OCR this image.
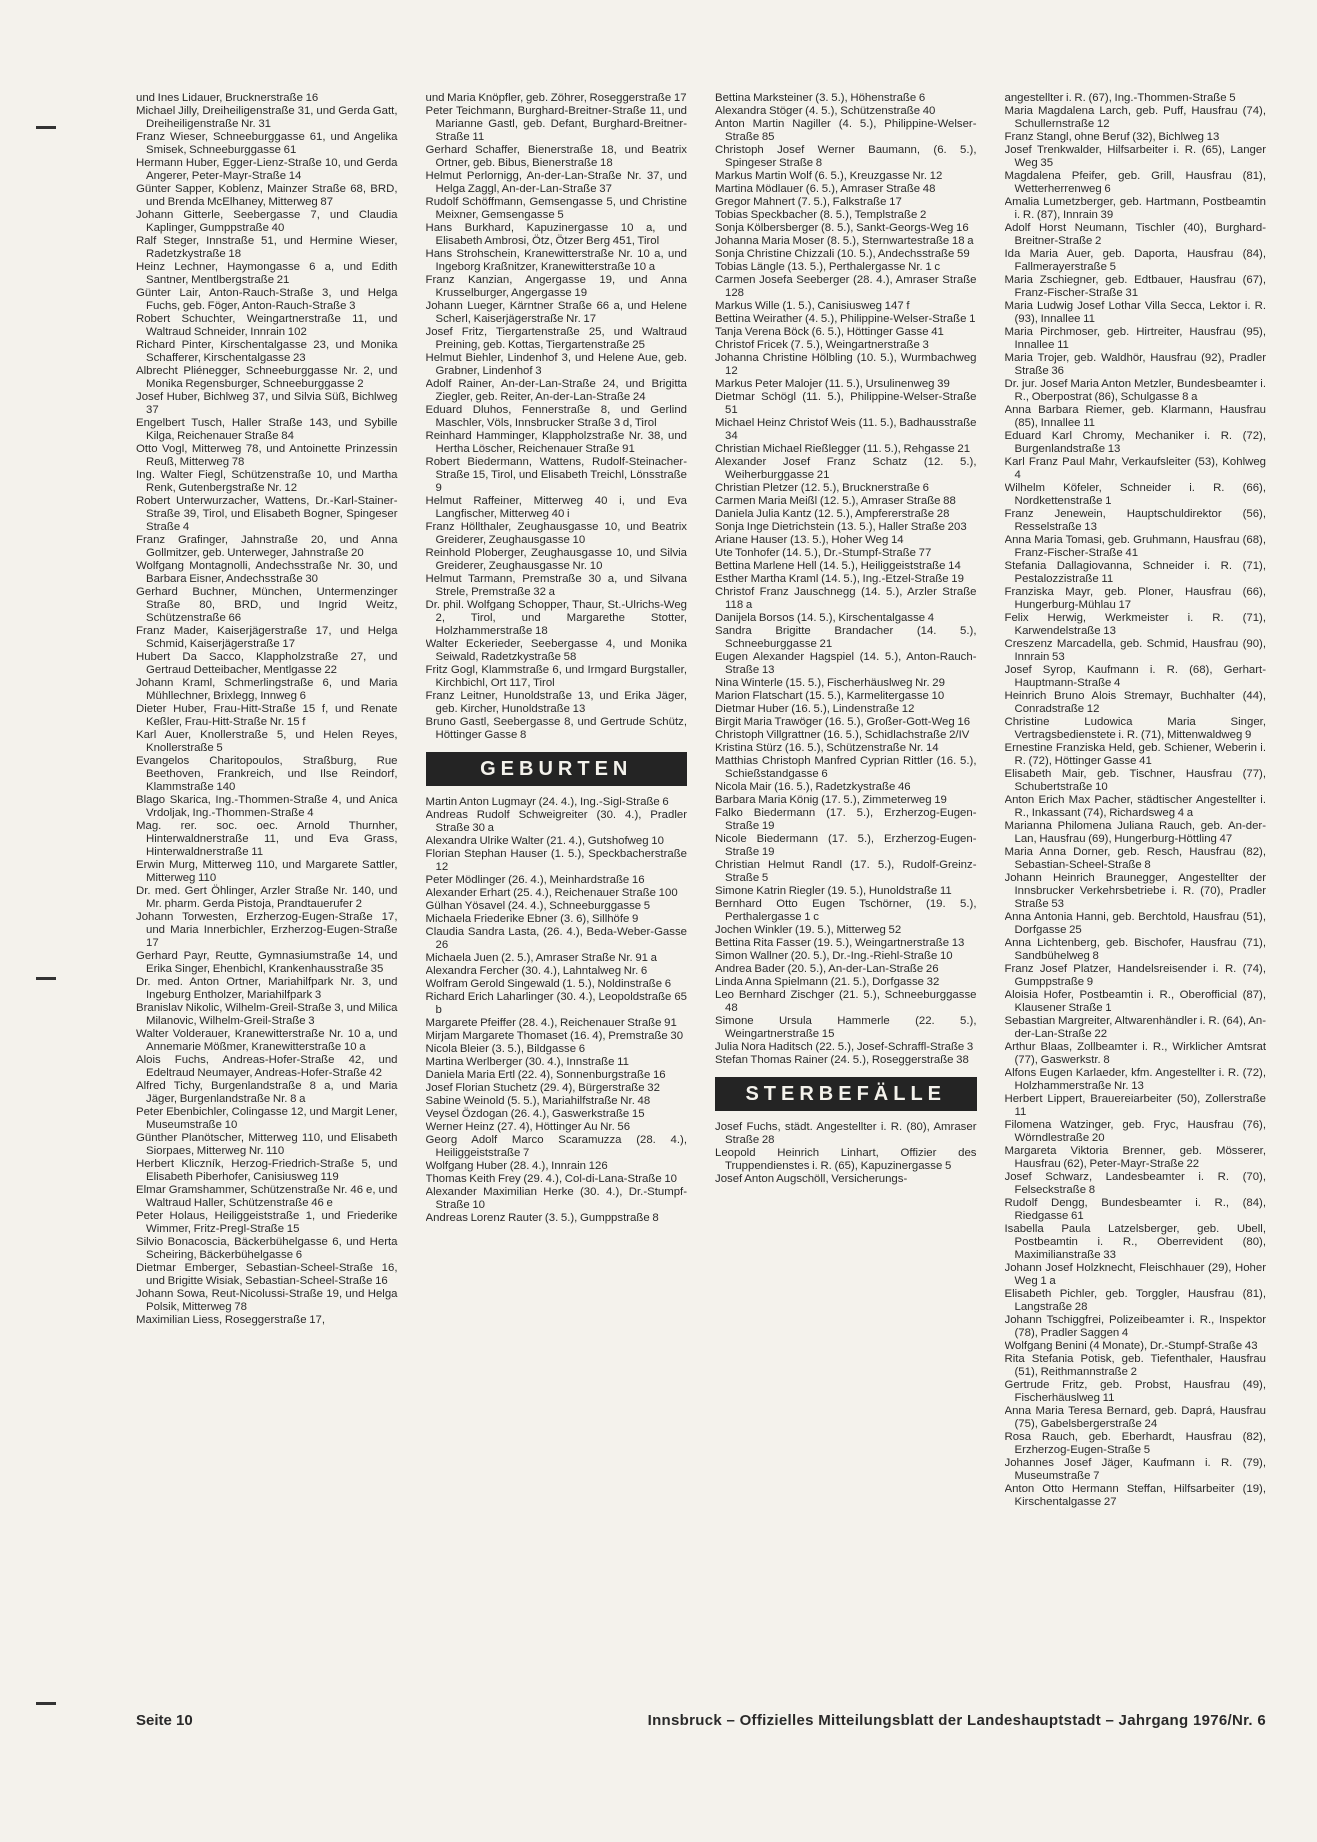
und Ines Lidauer, Brucknerstraße 16

Michael Jilly, Dreiheiligenstraße 31, und Gerda Gatt, Dreiheiligenstraße Nr. 31

Franz Wieser, Schneeburggasse 61, und Angelika Smisek, Schneeburggasse 61

Hermann Huber, Egger-Lienz-Straße 10, und Gerda Angerer, Peter-Mayr-Straße 14

Günter Sapper, Koblenz, Mainzer Straße 68, BRD, und Brenda McElhaney, Mitterweg 87

Johann Gitterle, Seebergasse 7, und Claudia Kaplinger, Gumppstraße 40

Ralf Steger, Innstraße 51, und Hermine Wieser, Radetzkystraße 18

Heinz Lechner, Haymongasse 6 a, und Edith Santner, Mentlbergstraße 21

Günter Lair, Anton-Rauch-Straße 3, und Helga Fuchs, geb. Föger, Anton-Rauch-Straße 3

Robert Schuchter, Weingartnerstraße 11, und Waltraud Schneider, Innrain 102

Richard Pinter, Kirschentalgasse 23, und Monika Schafferer, Kirschentalgasse 23

Albrecht Pliénegger, Schneeburggasse Nr. 2, und Monika Regensburger, Schneeburggasse 2

Josef Huber, Bichlweg 37, und Silvia Süß, Bichlweg 37

Engelbert Tusch, Haller Straße 143, und Sybille Kilga, Reichenauer Straße 84

Otto Vogl, Mitterweg 78, und Antoinette Prinzessin Reuß, Mitterweg 78

Ing. Walter Fiegl, Schützenstraße 10, und Martha Renk, Gutenbergstraße Nr. 12

Robert Unterwurzacher, Wattens, Dr.-Karl-Stainer-Straße 39, Tirol, und Elisabeth Bogner, Spingeser Straße 4

Franz Grafinger, Jahnstraße 20, und Anna Gollmitzer, geb. Unterweger, Jahnstraße 20

Wolfgang Montagnolli, Andechsstraße Nr. 30, und Barbara Eisner, Andechsstraße 30

Gerhard Buchner, München, Untermenzinger Straße 80, BRD, und Ingrid Weitz, Schützenstraße 66

Franz Mader, Kaiserjägerstraße 17, und Helga Schmid, Kaiserjägerstraße 17

Hubert Da Sacco, Klappholzstraße 27, und Gertraud Detteibacher, Mentlgasse 22

Johann Kraml, Schmerlingstraße 6, und Maria Mühllechner, Brixlegg, Innweg 6

Dieter Huber, Frau-Hitt-Straße 15 f, und Renate Keßler, Frau-Hitt-Straße Nr. 15 f

Karl Auer, Knollerstraße 5, und Helen Reyes, Knollerstraße 5

Evangelos Charitopoulos, Straßburg, Rue Beethoven, Frankreich, und Ilse Reindorf, Klammstraße 140

Blago Skarica, Ing.-Thommen-Straße 4, und Anica Vrdoljak, Ing.-Thommen-Straße 4

Mag. rer. soc. oec. Arnold Thurnher, Hinterwaldnerstraße 11, und Eva Grass, Hinterwaldnerstraße 11

Erwin Murg, Mitterweg 110, und Margarete Sattler, Mitterweg 110

Dr. med. Gert Öhlinger, Arzler Straße Nr. 140, und Mr. pharm. Gerda Pistoja, Prandtauerufer 2

Johann Torwesten, Erzherzog-Eugen-Straße 17, und Maria Innerbichler, Erzherzog-Eugen-Straße 17

Gerhard Payr, Reutte, Gymnasiumstraße 14, und Erika Singer, Ehenbichl, Krankenhausstraße 35

Dr. med. Anton Ortner, Mariahilfpark Nr. 3, und Ingeburg Entholzer, Mariahilfpark 3

Branislav Nikolic, Wilhelm-Greil-Straße 3, und Milica Milanovic, Wilhelm-Greil-Straße 3

Walter Volderauer, Kranewitterstraße Nr. 10 a, und Annemarie Mößmer, Kranewitterstraße 10 a

Alois Fuchs, Andreas-Hofer-Straße 42, und Edeltraud Neumayer, Andreas-Hofer-Straße 42

Alfred Tichy, Burgenlandstraße 8 a, und Maria Jäger, Burgenlandstraße Nr. 8 a

Peter Ebenbichler, Colingasse 12, und Margit Lener, Museumstraße 10

Günther Planötscher, Mitterweg 110, und Elisabeth Siorpaes, Mitterweg Nr. 110

Herbert Kliczník, Herzog-Friedrich-Straße 5, und Elisabeth Piberhofer, Canisiusweg 119

Elmar Gramshammer, Schützenstraße Nr. 46 e, und Waltraud Haller, Schützenstraße 46 e

Peter Holaus, Heiliggeiststraße 1, und Friederike Wimmer, Fritz-Pregl-Straße 15

Silvio Bonacoscia, Bäckerbühelgasse 6, und Herta Scheiring, Bäckerbühelgasse 6

Dietmar Emberger, Sebastian-Scheel-Straße 16, und Brigitte Wisiak, Sebastian-Scheel-Straße 16

Johann Sowa, Reut-Nicolussi-Straße 19, und Helga Polsik, Mitterweg 78

Maximilian Liess, Roseggerstraße 17,

und Maria Knöpfler, geb. Zöhrer, Roseggerstraße 17

Peter Teichmann, Burghard-Breitner-Straße 11, und Marianne Gastl, geb. Defant, Burghard-Breitner-Straße 11

Gerhard Schaffer, Bienerstraße 18, und Beatrix Ortner, geb. Bibus, Bienerstraße 18

Helmut Perlornigg, An-der-Lan-Straße Nr. 37, und Helga Zaggl, An-der-Lan-Straße 37

Rudolf Schöffmann, Gemsengasse 5, und Christine Meixner, Gemsengasse 5

Hans Burkhard, Kapuzinergasse 10 a, und Elisabeth Ambrosi, Ötz, Ötzer Berg 451, Tirol

Hans Strohschein, Kranewitterstraße Nr. 10 a, und Ingeborg Kraßnitzer, Kranewitterstraße 10 a

Franz Kanzian, Angergasse 19, und Anna Krusselburger, Angergasse 19

Johann Lueger, Kärntner Straße 66 a, und Helene Scherl, Kaiserjägerstraße Nr. 17

Josef Fritz, Tiergartenstraße 25, und Waltraud Preining, geb. Kottas, Tiergartenstraße 25

Helmut Biehler, Lindenhof 3, und Helene Aue, geb. Grabner, Lindenhof 3

Adolf Rainer, An-der-Lan-Straße 24, und Brigitta Ziegler, geb. Reiter, An-der-Lan-Straße 24

Eduard Dluhos, Fennerstraße 8, und Gerlind Maschler, Völs, Innsbrucker Straße 3 d, Tirol

Reinhard Hamminger, Klappholzstraße Nr. 38, und Hertha Löscher, Reichenauer Straße 91

Robert Biedermann, Wattens, Rudolf-Steinacher-Straße 15, Tirol, und Elisabeth Treichl, Lönsstraße 9

Helmut Raffeiner, Mitterweg 40 i, und Eva Langfischer, Mitterweg 40 i

Franz Höllthaler, Zeughausgasse 10, und Beatrix Greiderer, Zeughausgasse 10

Reinhold Ploberger, Zeughausgasse 10, und Silvia Greiderer, Zeughausgasse Nr. 10

Helmut Tarmann, Premstraße 30 a, und Silvana Strele, Premstraße 32 a

Dr. phil. Wolfgang Schopper, Thaur, St.-Ulrichs-Weg 2, Tirol, und Margarethe Stotter, Holzhammerstraße 18

Walter Eckerieder, Seebergasse 4, und Monika Seiwald, Radetzkystraße 58

Fritz Gogl, Klammstraße 6, und Irmgard Burgstaller, Kirchbichl, Ort 117, Tirol

Franz Leitner, Hunoldstraße 13, und Erika Jäger, geb. Kircher, Hunoldstraße 13

Bruno Gastl, Seebergasse 8, und Gertrude Schütz, Höttinger Gasse 8

GEBURTEN

Martin Anton Lugmayr (24. 4.), Ing.-Sigl-Straße 6

Andreas Rudolf Schweigreiter (30. 4.), Pradler Straße 30 a

Alexandra Ulrike Walter (21. 4.), Gutshofweg 10

Florian Stephan Hauser (1. 5.), Speckbacherstraße 12

Peter Mödlinger (26. 4.), Meinhardstraße 16

Alexander Erhart (25. 4.), Reichenauer Straße 100

Gülhan Yösavel (24. 4.), Schneeburggasse 5

Michaela Friederike Ebner (3. 6), Sillhöfe 9

Claudia Sandra Lasta, (26. 4.), Beda-Weber-Gasse 26

Michaela Juen (2. 5.), Amraser Straße Nr. 91 a

Alexandra Fercher (30. 4.), Lahntalweg Nr. 6

Wolfram Gerold Singewald (1. 5.), Noldinstraße 6

Richard Erich Laharlinger (30. 4.), Leopoldstraße 65 b

Margarete Pfeiffer (28. 4.), Reichenauer Straße 91

Mirjam Margarete Thomaset (16. 4), Premstraße 30

Nicola Bleier (3. 5.), Bildgasse 6

Martina Werlberger (30. 4.), Innstraße 11

Daniela Maria Ertl (22. 4), Sonnenburgstraße 16

Josef Florian Stuchetz (29. 4), Bürgerstraße 32

Sabine Weinold (5. 5.), Mariahilfstraße Nr. 48

Veysel Özdogan (26. 4.), Gaswerkstraße 15

Werner Heinz (27. 4), Höttinger Au Nr. 56

Georg Adolf Marco Scaramuzza (28. 4.), Heiliggeiststraße 7

Wolfgang Huber (28. 4.), Innrain 126

Thomas Keith Frey (29. 4.), Col-di-Lana-Straße 10

Alexander Maximilian Herke (30. 4.), Dr.-Stumpf-Straße 10

Andreas Lorenz Rauter (3. 5.), Gumppstraße 8

Bettina Marksteiner (3. 5.), Höhenstraße 6

Alexandra Stöger (4. 5.), Schützenstraße 40

Anton Martin Nagiller (4. 5.), Philippine-Welser-Straße 85

Christoph Josef Werner Baumann, (6. 5.), Spingeser Straße 8

Markus Martin Wolf (6. 5.), Kreuzgasse Nr. 12

Martina Mödlauer (6. 5.), Amraser Straße 48

Gregor Mahnert (7. 5.), Falkstraße 17

Tobias Speckbacher (8. 5.), Templstraße 2

Sonja Kölbersberger (8. 5.), Sankt-Georgs-Weg 16

Johanna Maria Moser (8. 5.), Sternwartestraße 18 a

Sonja Christine Chizzali (10. 5.), Andechsstraße 59

Tobias Längle (13. 5.), Perthalergasse Nr. 1 c

Carmen Josefa Seeberger (28. 4.), Amraser Straße 128

Markus Wille (1. 5.), Canisiusweg 147 f

Bettina Weirather (4. 5.), Philippine-Welser-Straße 1

Tanja Verena Böck (6. 5.), Höttinger Gasse 41

Christof Fricek (7. 5.), Weingartnerstraße 3

Johanna Christine Hölbling (10. 5.), Wurmbachweg 12

Markus Peter Malojer (11. 5.), Ursulinenweg 39

Dietmar Schögl (11. 5.), Philippine-Welser-Straße 51

Michael Heinz Christof Weis (11. 5.), Badhausstraße 34

Christian Michael Rießlegger (11. 5.), Rehgasse 21

Alexander Josef Franz Schatz (12. 5.), Weiherburggasse 21

Christian Pletzer (12. 5.), Brucknerstraße 6

Carmen Maria Meißl (12. 5.), Amraser Straße 88

Daniela Julia Kantz (12. 5.), Ampfererstraße 28

Sonja Inge Dietrichstein (13. 5.), Haller Straße 203

Ariane Hauser (13. 5.), Hoher Weg 14

Ute Tonhofer (14. 5.), Dr.-Stumpf-Straße 77

Bettina Marlene Hell (14. 5.), Heiliggeiststraße 14

Esther Martha Kraml (14. 5.), Ing.-Etzel-Straße 19

Christof Franz Jauschnegg (14. 5.), Arzler Straße 118 a

Danijela Borsos (14. 5.), Kirschentalgasse 4

Sandra Brigitte Brandacher (14. 5.), Schneeburggasse 21

Eugen Alexander Hagspiel (14. 5.), Anton-Rauch-Straße 13

Nina Winterle (15. 5.), Fischerhäuslweg Nr. 29

Marion Flatschart (15. 5.), Karmelitergasse 10

Dietmar Huber (16. 5.), Lindenstraße 12

Birgit Maria Trawöger (16. 5.), Großer-Gott-Weg 16

Christoph Villgrattner (16. 5.), Schidlachstraße 2/IV

Kristina Stürz (16. 5.), Schützenstraße Nr. 14

Matthias Christoph Manfred Cyprian Rittler (16. 5.), Schießstandgasse 6

Nicola Mair (16. 5.), Radetzkystraße 46

Barbara Maria König (17. 5.), Zimmeterweg 19

Falko Biedermann (17. 5.), Erzherzog-Eugen-Straße 19

Nicole Biedermann (17. 5.), Erzherzog-Eugen-Straße 19

Christian Helmut Randl (17. 5.), Rudolf-Greinz-Straße 5

Simone Katrin Riegler (19. 5.), Hunoldstraße 11

Bernhard Otto Eugen Tschörner, (19. 5.), Perthalergasse 1 c

Jochen Winkler (19. 5.), Mitterweg 52

Bettina Rita Fasser (19. 5.), Weingartnerstraße 13

Simon Wallner (20. 5.), Dr.-Ing.-Riehl-Straße 10

Andrea Bader (20. 5.), An-der-Lan-Straße 26

Linda Anna Spielmann (21. 5.), Dorfgasse 32

Leo Bernhard Zischger (21. 5.), Schneeburggasse 48

Simone Ursula Hammerle (22. 5.), Weingartnerstraße 15

Julia Nora Haditsch (22. 5.), Josef-Schraffl-Straße 3

Stefan Thomas Rainer (24. 5.), Roseggerstraße 38

STERBEFÄLLE

Josef Fuchs, städt. Angestellter i. R. (80), Amraser Straße 28

Leopold Heinrich Linhart, Offizier des Truppendienstes i. R. (65), Kapuzinergasse 5

Josef Anton Augschöll, Versicherungs-

angestellter i. R. (67), Ing.-Thommen-Straße 5

Maria Magdalena Larch, geb. Puff, Hausfrau (74), Schullernstraße 12

Franz Stangl, ohne Beruf (32), Bichlweg 13

Josef Trenkwalder, Hilfsarbeiter i. R. (65), Langer Weg 35

Magdalena Pfeifer, geb. Grill, Hausfrau (81), Wetterherrenweg 6

Amalia Lumetzberger, geb. Hartmann, Postbeamtin i. R. (87), Innrain 39

Adolf Horst Neumann, Tischler (40), Burghard-Breitner-Straße 2

Ida Maria Auer, geb. Daporta, Hausfrau (84), Fallmerayerstraße 5

Maria Zschiegner, geb. Edtbauer, Hausfrau (67), Franz-Fischer-Straße 31

Maria Ludwig Josef Lothar Villa Secca, Lektor i. R. (93), Innallee 11

Maria Pirchmoser, geb. Hirtreiter, Hausfrau (95), Innallee 11

Maria Trojer, geb. Waldhör, Hausfrau (92), Pradler Straße 36

Dr. jur. Josef Maria Anton Metzler, Bundesbeamter i. R., Oberpostrat (86), Schulgasse 8 a

Anna Barbara Riemer, geb. Klarmann, Hausfrau (85), Innallee 11

Eduard Karl Chromy, Mechaniker i. R. (72), Burgenlandstraße 13

Karl Franz Paul Mahr, Verkaufsleiter (53), Kohlweg 4

Wilhelm Köfeler, Schneider i. R. (66), Nordkettenstraße 1

Franz Jenewein, Hauptschuldirektor (56), Resselstraße 13

Anna Maria Tomasi, geb. Gruhmann, Hausfrau (68), Franz-Fischer-Straße 41

Stefania Dallagiovanna, Schneider i. R. (71), Pestalozzistraße 11

Franziska Mayr, geb. Ploner, Hausfrau (66), Hungerburg-Mühlau 17

Felix Herwig, Werkmeister i. R. (71), Karwendelstraße 13

Creszenz Marcadella, geb. Schmid, Hausfrau (90), Innrain 53

Josef Syrop, Kaufmann i. R. (68), Gerhart-Hauptmann-Straße 4

Heinrich Bruno Alois Stremayr, Buchhalter (44), Conradstraße 12

Christine Ludowica Maria Singer, Vertragsbedienstete i. R. (71), Mittenwaldweg 9

Ernestine Franziska Held, geb. Schiener, Weberin i. R. (72), Höttinger Gasse 41

Elisabeth Mair, geb. Tischner, Hausfrau (77), Schubertstraße 10

Anton Erich Max Pacher, städtischer Angestellter i. R., Inkassant (74), Richardsweg 4 a

Marianna Philomena Juliana Rauch, geb. An-der-Lan, Hausfrau (69), Hungerburg-Höttling 47

Maria Anna Dorner, geb. Resch, Hausfrau (82), Sebastian-Scheel-Straße 8

Johann Heinrich Braunegger, Angestellter der Innsbrucker Verkehrsbetriebe i. R. (70), Pradler Straße 53

Anna Antonia Hanni, geb. Berchtold, Hausfrau (51), Dorfgasse 25

Anna Lichtenberg, geb. Bischofer, Hausfrau (71), Sandbühelweg 8

Franz Josef Platzer, Handelsreisender i. R. (74), Gumppstraße 9

Aloisia Hofer, Postbeamtin i. R., Oberofficial (87), Klausener Straße 1

Sebastian Margreiter, Altwarenhändler i. R. (64), An-der-Lan-Straße 22

Arthur Blaas, Zollbeamter i. R., Wirklicher Amtsrat (77), Gaswerkstr. 8

Alfons Eugen Karlaeder, kfm. Angestellter i. R. (72), Holzhammerstraße Nr. 13

Herbert Lippert, Brauereiarbeiter (50), Zollerstraße 11

Filomena Watzinger, geb. Fryc, Hausfrau (76), Wörndlestraße 20

Margareta Viktoria Brenner, geb. Mösserer, Hausfrau (62), Peter-Mayr-Straße 22

Josef Schwarz, Landesbeamter i. R. (70), Felseckstraße 8

Rudolf Dengg, Bundesbeamter i. R., (84), Riedgasse 61

Isabella Paula Latzelsberger, geb. Ubell, Postbeamtin i. R., Oberrevident (80), Maximilianstraße 33

Johann Josef Holzknecht, Fleischhauer (29), Hoher Weg 1 a

Elisabeth Pichler, geb. Torggler, Hausfrau (81), Langstraße 28

Johann Tschiggfrei, Polizeibeamter i. R., Inspektor (78), Pradler Saggen 4

Wolfgang Benini (4 Monate), Dr.-Stumpf-Straße 43

Rita Stefania Potisk, geb. Tiefenthaler, Hausfrau (51), Reithmannstraße 2

Gertrude Fritz, geb. Probst, Hausfrau (49), Fischerhäuslweg 11

Anna Maria Teresa Bernard, geb. Daprá, Hausfrau (75), Gabelsbergerstraße 24

Rosa Rauch, geb. Eberhardt, Hausfrau (82), Erzherzog-Eugen-Straße 5

Johannes Josef Jäger, Kaufmann i. R. (79), Museumstraße 7

Anton Otto Hermann Steffan, Hilfsarbeiter (19), Kirschentalgasse 27

Seite 10	Innsbruck – Offizielles Mitteilungsblatt der Landeshauptstadt – Jahrgang 1976/Nr. 6
